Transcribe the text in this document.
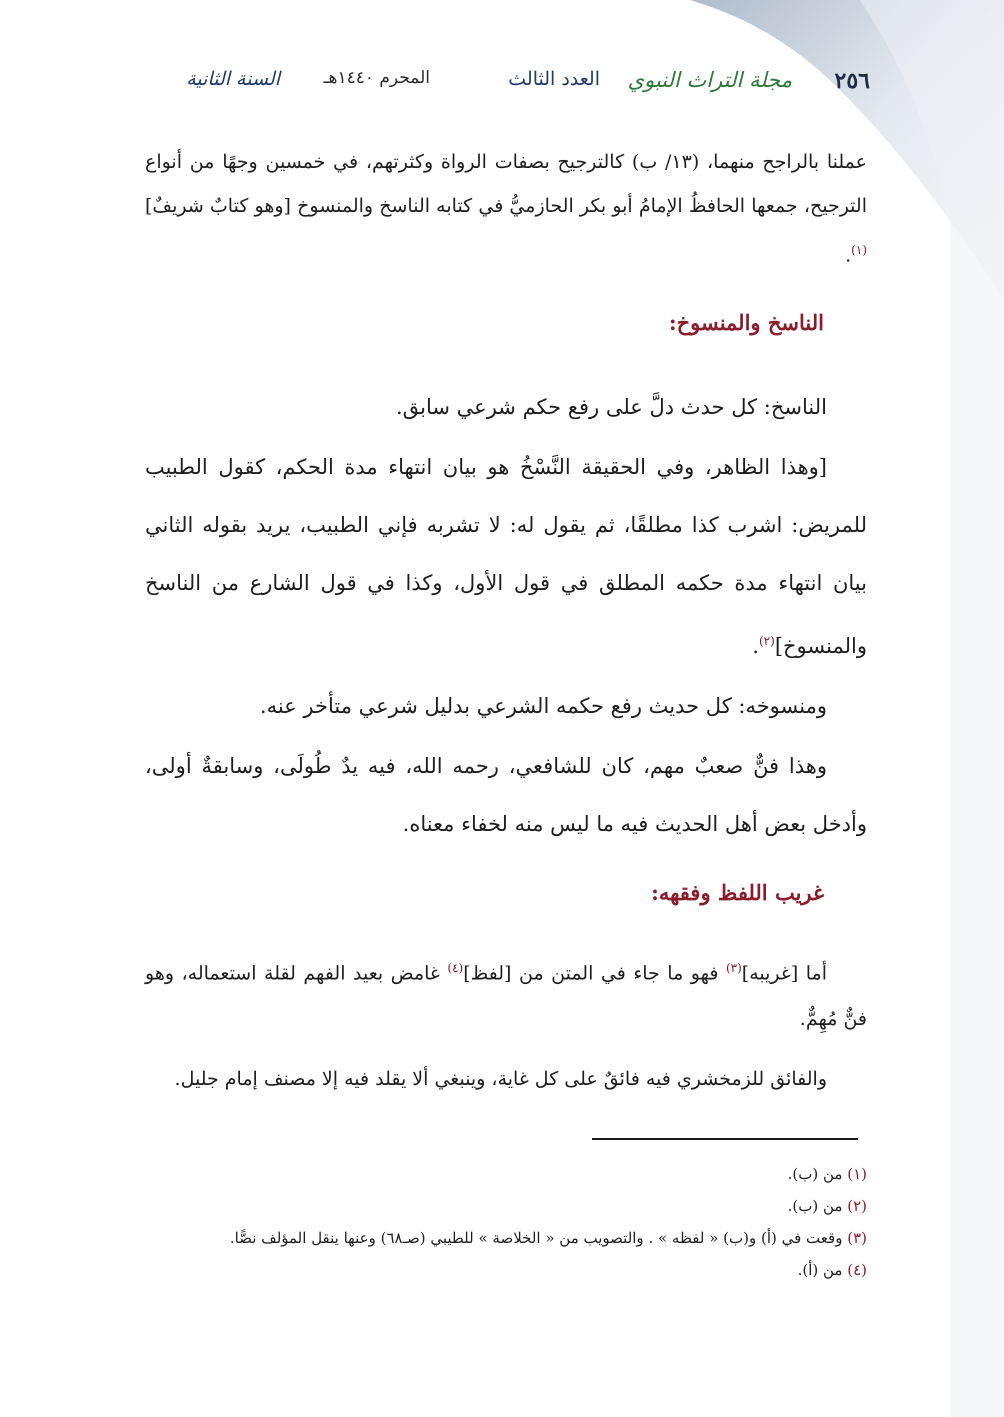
٢٥٦
مجلة التراث النبوي
العدد الثالث
المحرم ١٤٤٠هـ
السنة الثانية

عملنا بالراجح منهما، (١٣/ ب) كالترجيح بصفات الرواة وكثرتهم، في خمسين وجهًا من أنواع الترجيح، جمعها الحافظُ الإمامُ أبو بكر الحازميُّ في كتابه الناسخ والمنسوخ [وهو كتابٌ شريفٌ]$^{(١)}$.

الناسخ والمنسوخ:

الناسخ: كل حدث دلَّ على رفع حكم شرعي سابق.

[وهذا الظاهر، وفي الحقيقة النَّسْخُ هو بيان انتهاء مدة الحكم، كقول الطبيب للمريض: اشرب كذا مطلقًا، ثم يقول له: لا تشربه فإني الطبيب، يريد بقوله الثاني بيان انتهاء مدة حكمه المطلق في قول الأول، وكذا في قول الشارع من الناسخ والمنسوخ]$^{(٢)}$.

ومنسوخه: كل حديث رفع حكمه الشرعي بدليل شرعي متأخر عنه.

وهذا فنٌّ صعبٌ مهم، كان للشافعي، رحمه الله، فيه يدٌ طُولَى، وسابقةٌ أولى، وأدخل بعض أهل الحديث فيه ما ليس منه لخفاء معناه.

غريب اللفظ وفقهه:

أما [غريبه]$^{(٣)}$ فهو ما جاء في المتن من [لفظ]$^{(٤)}$ غامض بعيد الفهم لقلة استعماله، وهو فنٌّ مُهِمٌّ.

والفائق للزمخشري فيه فائقٌ على كل غاية، وينبغي ألا يقلد فيه إلا مصنف إمام جليل.

(١) من (ب).
(٢) من (ب).
(٣) وقعت في (أ) و(ب) « لفظه » . والتصويب من « الخلاصة » للطيبي (صـ٦٨) وعنها ينقل المؤلف نصًّا.
(٤) من (أ).
